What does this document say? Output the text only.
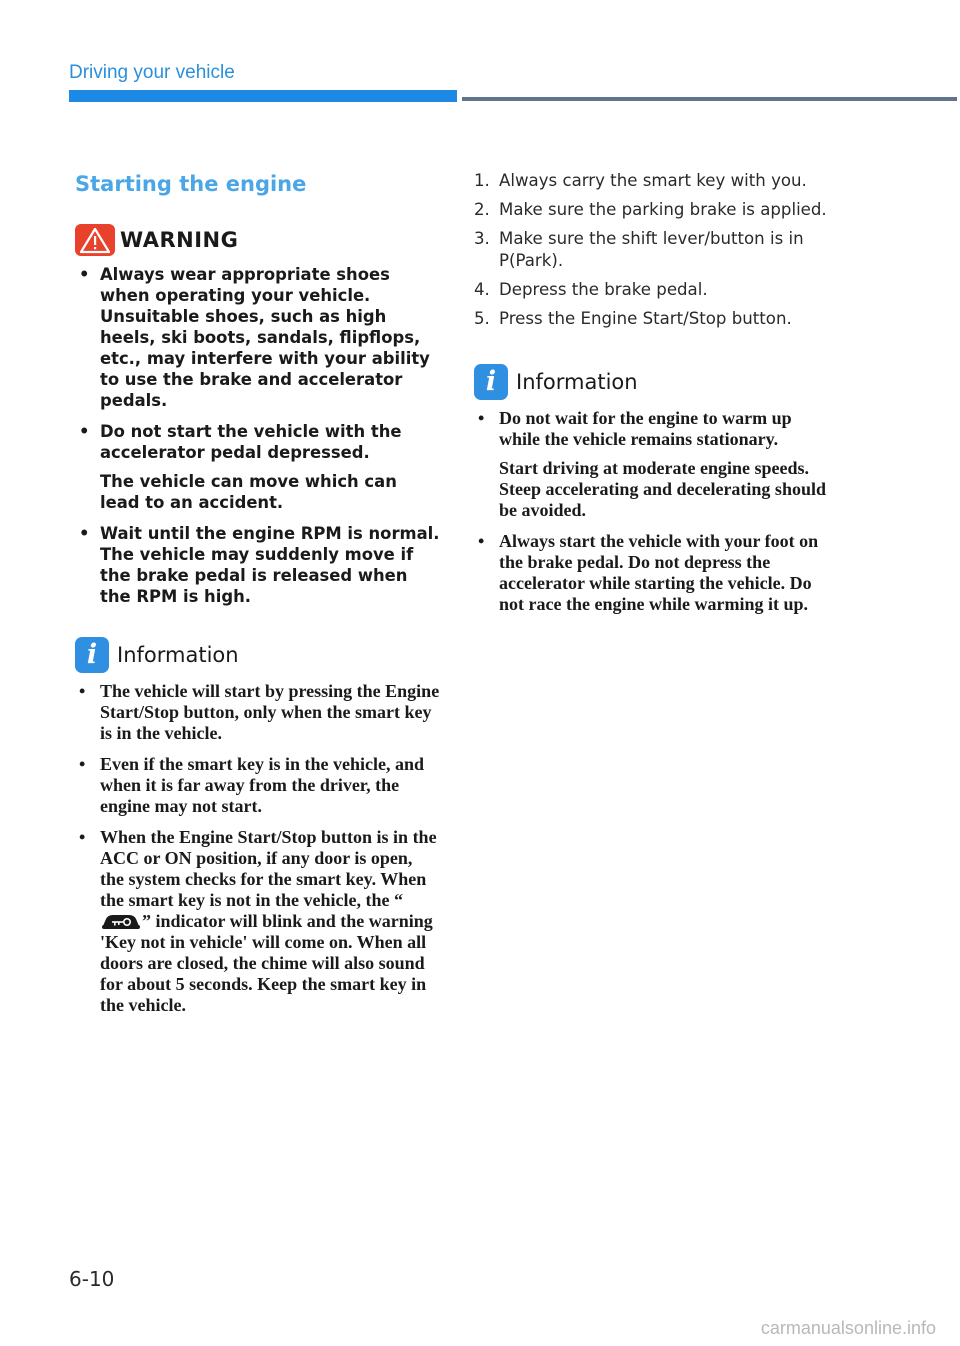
Driving your vehicle
Starting the engine
WARNING

• Always wear appropriate shoes when operating your vehicle. Unsuitable shoes, such as high heels, ski boots, sandals, flipflops, etc., may interfere with your ability to use the brake and accelerator pedals.

• Do not start the vehicle with the accelerator pedal depressed.

The vehicle can move which can lead to an accident.

• Wait until the engine RPM is normal. The vehicle may suddenly move if the brake pedal is released when the RPM is high.

i Information

• The vehicle will start by pressing the Engine Start/Stop button, only when the smart key is in the vehicle.

• Even if the smart key is in the vehicle, and when it is far away from the driver, the engine may not start.

• When the Engine Start/Stop button is in the ACC or ON position, if any door is open, the system checks for the smart key. When the smart key is not in the vehicle, the “” indicator will blink and the warning 'Key not in vehicle' will come on. When all doors are closed, the chime will also sound for about 5 seconds. Keep the smart key in the vehicle.

1. Always carry the smart key with you.
2. Make sure the parking brake is applied.
3. Make sure the shift lever/button is in P(Park).
4. Depress the brake pedal.
5. Press the Engine Start/Stop button.
i Information

• Do not wait for the engine to warm up while the vehicle remains stationary.

Start driving at moderate engine speeds. Steep accelerating and decelerating should be avoided.

• Always start the vehicle with your foot on the brake pedal. Do not depress the accelerator while starting the vehicle. Do not race the engine while warming it up.

6-10
carmanualsonline.info
